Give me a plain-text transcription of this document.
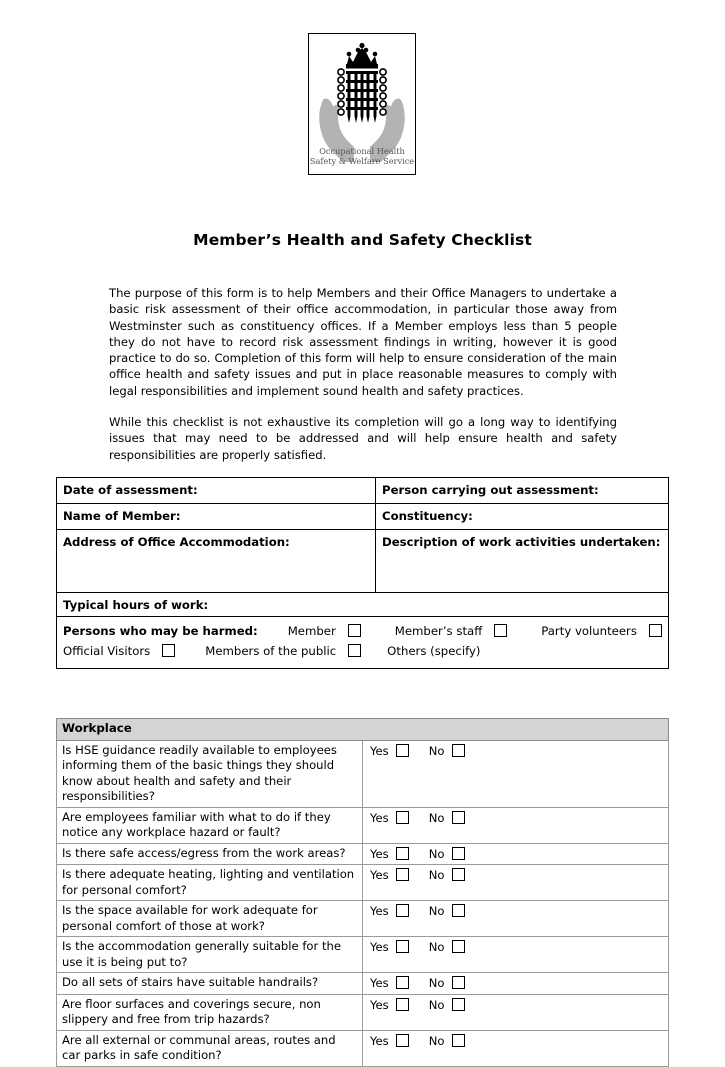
Occupational Health
Safety & Welfare Service
Member’s Health and Safety Checklist
The purpose of this form is to help Members and their Office Managers to undertake a basic risk assessment of their office accommodation, in particular those away from Westminster such as constituency offices. If a Member employs less than 5 people they do not have to record risk assessment findings in writing, however it is good practice to do so. Completion of this form will help to ensure consideration of the main office health and safety issues and put in place reasonable measures to comply with legal responsibilities and implement sound health and safety practices.
While this checklist is not exhaustive its completion will go a long way to identifying issues that may need to be addressed and will help ensure health and safety responsibilities are properly satisfied.
Date of assessment:	Person carrying out assessment:
Name of Member:	Constituency:
Address of Office Accommodation:	Description of work activities undertaken:
Typical hours of work:	

Persons who may be harmed: Member Member’s staff Party volunteers
Official Visitors Members of the public Others (specify)	
Workplace	
Is HSE guidance readily available to employees informing them of the basic things they should know about health and safety and their responsibilities?	Yes No
Are employees familiar with what to do if they notice any workplace hazard or fault?	Yes No
Is there safe access/egress from the work areas?	Yes No
Is there adequate heating, lighting and ventilation for personal comfort?	Yes No
Is the space available for work adequate for personal comfort of those at work?	Yes No
Is the accommodation generally suitable for the use it is being put to?	Yes No
Do all sets of stairs have suitable handrails?	Yes No
Are floor surfaces and coverings secure, non slippery and free from trip hazards?	Yes No
Are all external or communal areas, routes and car parks in safe condition?	Yes No
